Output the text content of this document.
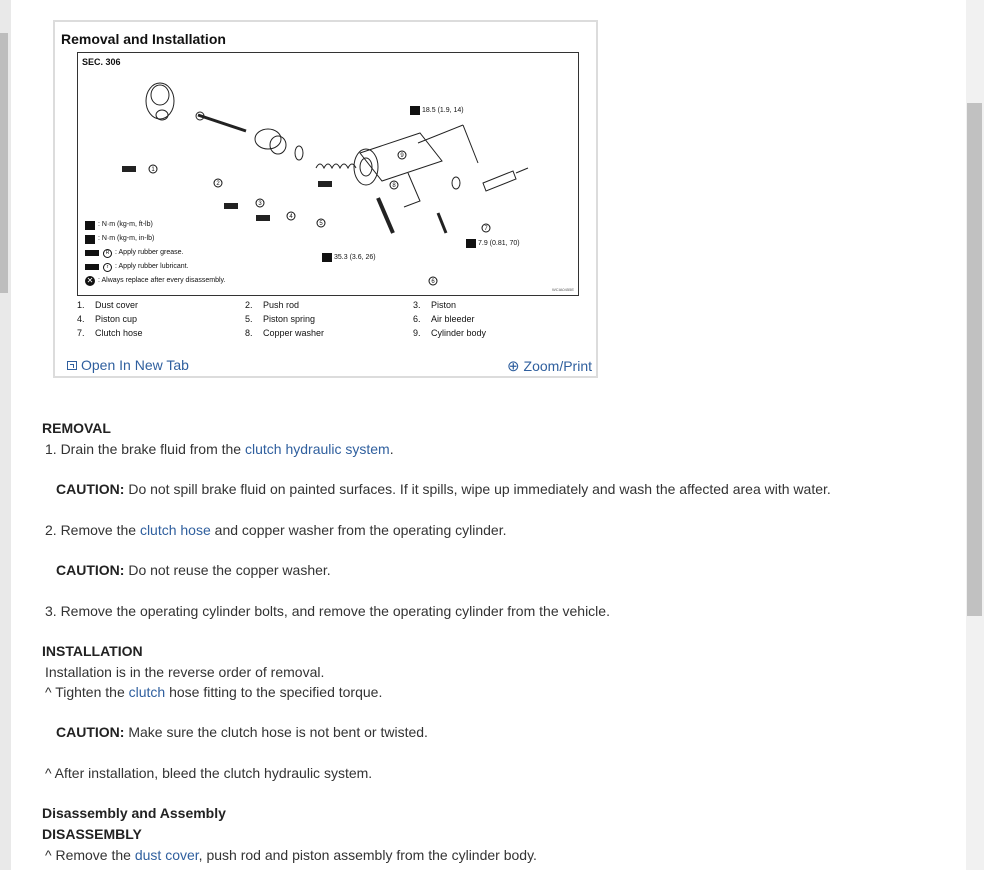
Removal and Installation
SEC. 306
1
2
3
4
5
6
7
8
9
18.5 (1.9, 14)
35.3 (3.6, 26)
7.9 (0.81, 70)
: N·m (kg-m, ft-lb)
: N·m (kg-m, in-lb)
R : Apply rubber grease.
r : Apply rubber lubricant.
✕ : Always replace after every disassembly.
WCIA0455E
1. Dust cover	2. Push rod	3. Piston
4. Piston cup	5. Piston spring	6. Air bleeder
7. Clutch hose	8. Copper washer	9. Cylinder body
Open In New Tab	⊕ Zoom/Print
REMOVAL
1. Drain the brake fluid from the clutch hydraulic system.
CAUTION: Do not spill brake fluid on painted surfaces. If it spills, wipe up immediately and wash the affected area with water.
2. Remove the clutch hose and copper washer from the operating cylinder.
CAUTION: Do not reuse the copper washer.
3. Remove the operating cylinder bolts, and remove the operating cylinder from the vehicle.
INSTALLATION
Installation is in the reverse order of removal.
^ Tighten the clutch hose fitting to the specified torque.
CAUTION: Make sure the clutch hose is not bent or twisted.
^ After installation, bleed the clutch hydraulic system.
Disassembly and Assembly
DISASSEMBLY
^ Remove the dust cover, push rod and piston assembly from the cylinder body.
